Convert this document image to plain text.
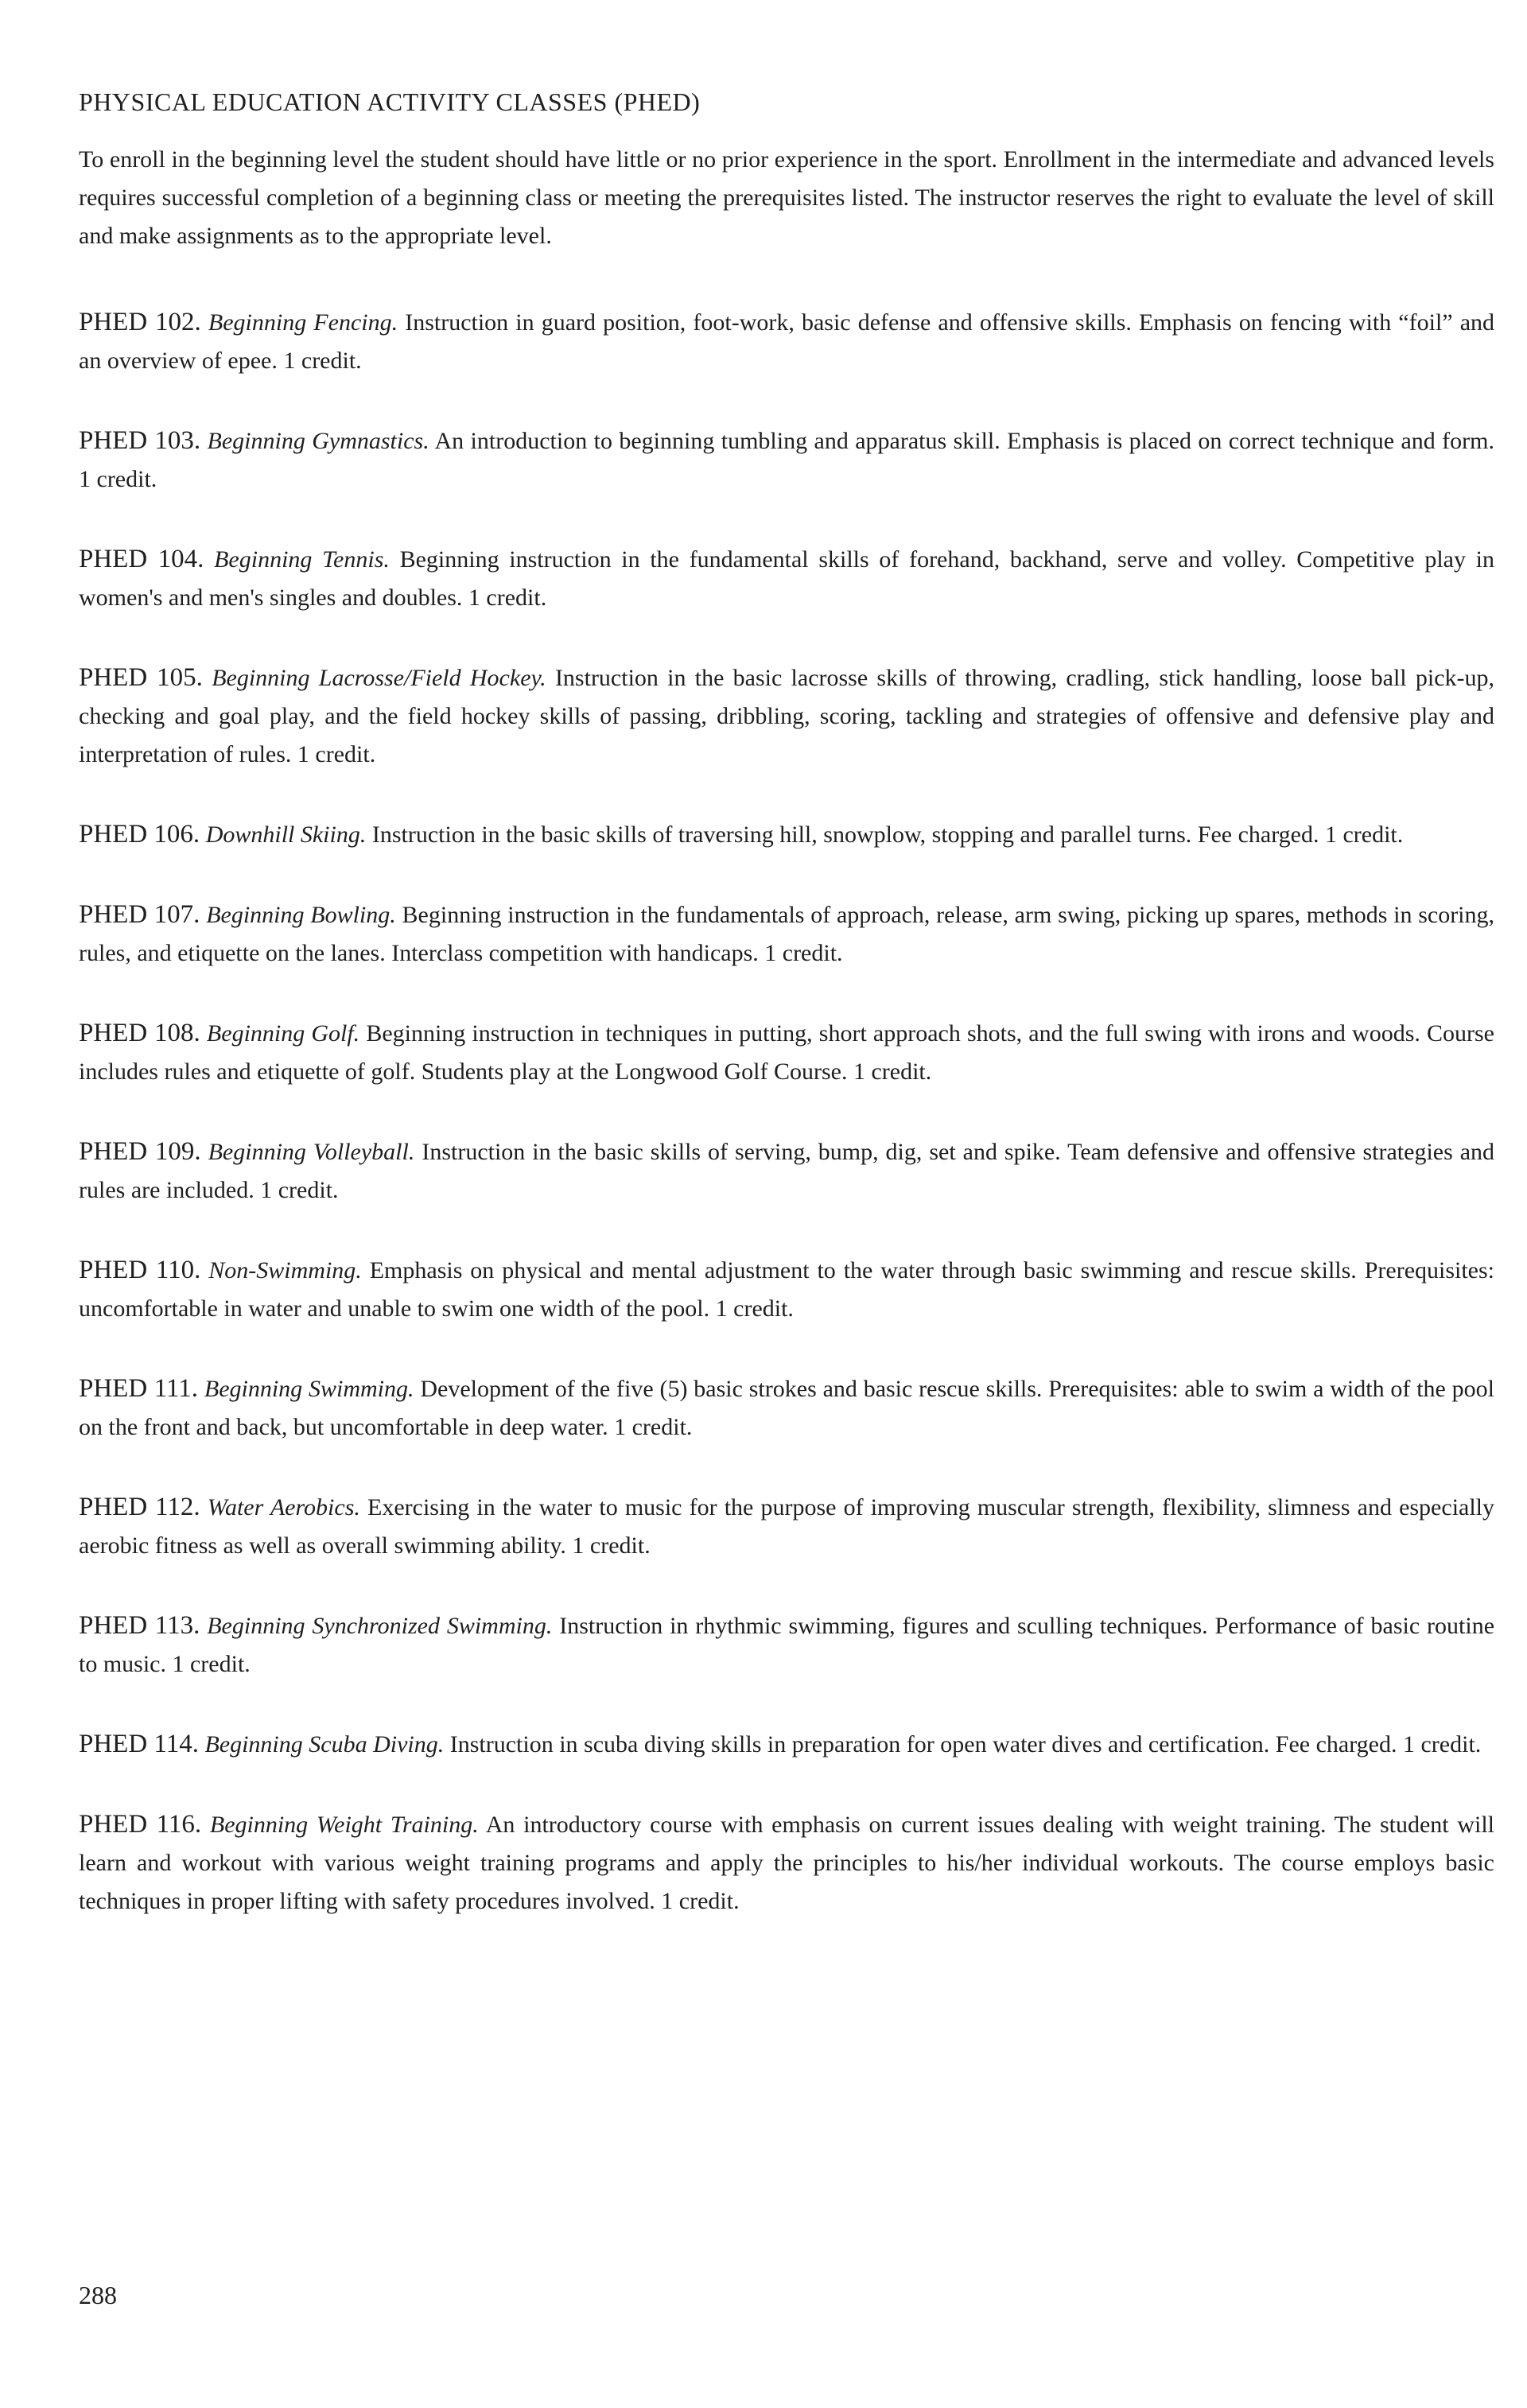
PHYSICAL EDUCATION ACTIVITY CLASSES (PHED)

To enroll in the beginning level the student should have little or no prior experience in the sport. Enrollment in the intermediate and advanced levels requires successful completion of a beginning class or meeting the prerequisites listed. The instructor reserves the right to evaluate the level of skill and make assignments as to the appropriate level.

PHED 102. Beginning Fencing. Instruction in guard position, foot-work, basic defense and offensive skills. Emphasis on fencing with “foil” and an overview of epee. 1 credit.
PHED 103. Beginning Gymnastics. An introduction to beginning tumbling and apparatus skill. Emphasis is placed on correct technique and form. 1 credit.
PHED 104. Beginning Tennis. Beginning instruction in the fundamental skills of forehand, backhand, serve and volley. Competitive play in women's and men's singles and doubles. 1 credit.
PHED 105. Beginning Lacrosse/Field Hockey. Instruction in the basic lacrosse skills of throwing, cradling, stick handling, loose ball pick-up, checking and goal play, and the field hockey skills of passing, dribbling, scoring, tackling and strategies of offensive and defensive play and interpretation of rules. 1 credit.
PHED 106. Downhill Skiing. Instruction in the basic skills of traversing hill, snowplow, stopping and parallel turns. Fee charged. 1 credit.
PHED 107. Beginning Bowling. Beginning instruction in the fundamentals of approach, release, arm swing, picking up spares, methods in scoring, rules, and etiquette on the lanes. Interclass competition with handicaps. 1 credit.
PHED 108. Beginning Golf. Beginning instruction in techniques in putting, short approach shots, and the full swing with irons and woods. Course includes rules and etiquette of golf. Students play at the Longwood Golf Course. 1 credit.
PHED 109. Beginning Volleyball. Instruction in the basic skills of serving, bump, dig, set and spike. Team defensive and offensive strategies and rules are included. 1 credit.
PHED 110. Non-Swimming. Emphasis on physical and mental adjustment to the water through basic swimming and rescue skills. Prerequisites: uncomfortable in water and unable to swim one width of the pool. 1 credit.
PHED 111. Beginning Swimming. Development of the five (5) basic strokes and basic rescue skills. Prerequisites: able to swim a width of the pool on the front and back, but uncomfortable in deep water. 1 credit.
PHED 112. Water Aerobics. Exercising in the water to music for the purpose of improving muscular strength, flexibility, slimness and especially aerobic fitness as well as overall swimming ability. 1 credit.
PHED 113. Beginning Synchronized Swimming. Instruction in rhythmic swimming, figures and sculling techniques. Performance of basic routine to music. 1 credit.
PHED 114. Beginning Scuba Diving. Instruction in scuba diving skills in preparation for open water dives and certification. Fee charged. 1 credit.
PHED 116. Beginning Weight Training. An introductory course with emphasis on current issues dealing with weight training. The student will learn and workout with various weight training programs and apply the principles to his/her individual workouts. The course employs basic techniques in proper lifting with safety procedures involved. 1 credit.
288
